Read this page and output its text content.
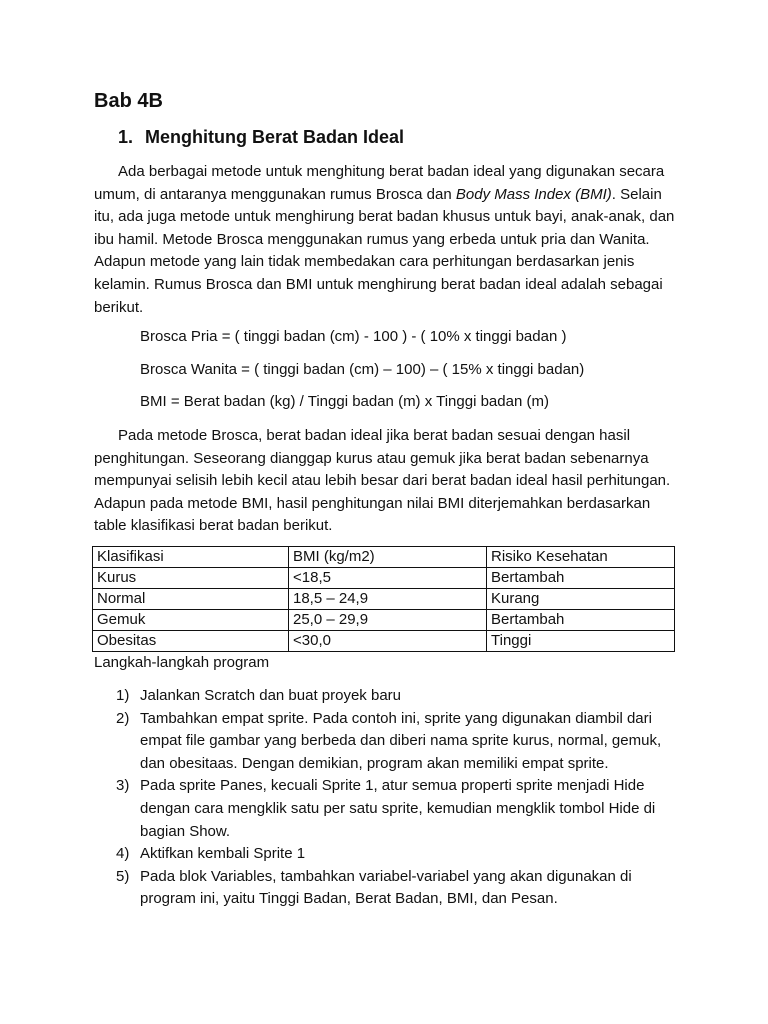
Bab 4B
1. Menghitung Berat Badan Ideal

Ada berbagai metode untuk menghitung berat badan ideal yang digunakan secara umum, di antaranya menggunakan rumus Brosca dan Body Mass Index (BMI). Selain itu, ada juga metode untuk menghirung berat badan khusus untuk bayi, anak-anak, dan ibu hamil. Metode Brosca menggunakan rumus yang erbeda untuk pria dan Wanita. Adapun metode yang lain tidak membedakan cara perhitungan berdasarkan jenis kelamin. Rumus Brosca dan BMI untuk menghirung berat badan ideal adalah sebagai berikut.

Brosca Pria = ( tinggi badan (cm) - 100 ) - ( 10% x tinggi badan )

Brosca Wanita = ( tinggi badan (cm) – 100) – ( 15% x tinggi badan)

BMI = Berat badan (kg) / Tinggi badan (m) x Tinggi badan (m)

Pada metode Brosca, berat badan ideal jika berat badan sesuai dengan hasil penghitungan. Seseorang dianggap kurus atau gemuk jika berat badan sebenarnya mempunyai selisih lebih kecil atau lebih besar dari berat badan ideal hasil perhitungan. Adapun pada metode BMI, hasil penghitungan nilai BMI diterjemahkan berdasarkan table klasifikasi berat badan berikut.

Klasifikasi	BMI (kg/m2)	Risiko Kesehatan
Kurus	<18,5	Bertambah
Normal	18,5 – 24,9	Kurang
Gemuk	25,0 – 29,9	Bertambah
Obesitas	<30,0	Tinggi

Langkah-langkah program

1) Jalankan Scratch dan buat proyek baru
2) Tambahkan empat sprite. Pada contoh ini, sprite yang digunakan diambil dari empat file gambar yang berbeda dan diberi nama sprite kurus, normal, gemuk, dan obesitaas. Dengan demikian, program akan memiliki empat sprite.
3) Pada sprite Panes, kecuali Sprite 1, atur semua properti sprite menjadi Hide dengan cara mengklik satu per satu sprite, kemudian mengklik tombol Hide di bagian Show.
4) Aktifkan kembali Sprite 1
5) Pada blok Variables, tambahkan variabel-variabel yang akan digunakan di program ini, yaitu Tinggi Badan, Berat Badan, BMI, dan Pesan.
